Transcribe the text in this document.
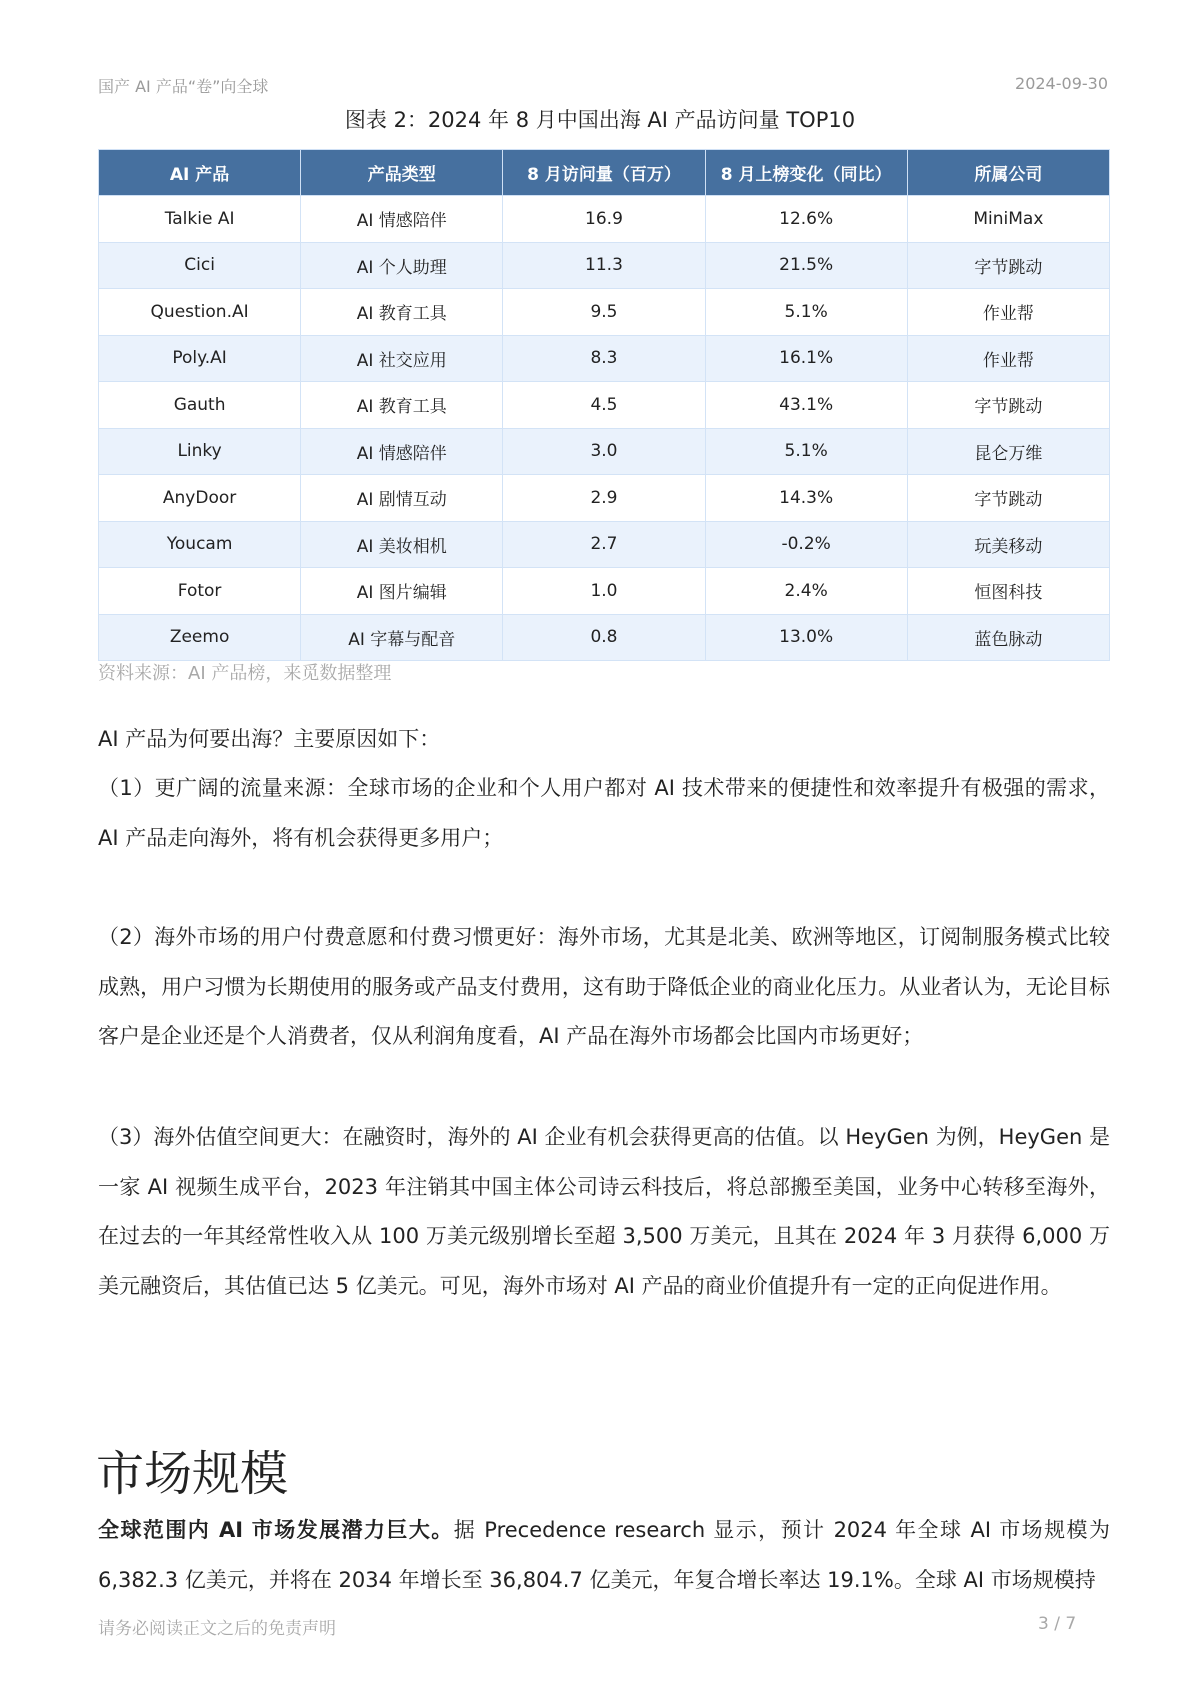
国产 AI 产品“卷”向全球	2024-09-30
图表 2：2024 年 8 月中国出海 AI 产品访问量 TOP10
AI 产品	产品类型	8 月访问量（百万）	8 月上榜变化（同比）	所属公司
Talkie AI	AI 情感陪伴	16.9	12.6%	MiniMax
Cici	AI 个人助理	11.3	21.5%	字节跳动
Question.AI	AI 教育工具	9.5	5.1%	作业帮
Poly.AI	AI 社交应用	8.3	16.1%	作业帮
Gauth	AI 教育工具	4.5	43.1%	字节跳动
Linky	AI 情感陪伴	3.0	5.1%	昆仑万维
AnyDoor	AI 剧情互动	2.9	14.3%	字节跳动
Youcam	AI 美妆相机	2.7	-0.2%	玩美移动
Fotor	AI 图片编辑	1.0	2.4%	恒图科技
Zeemo	AI 字幕与配音	0.8	13.0%	蓝色脉动
资料来源：AI 产品榜，来觅数据整理
AI 产品为何要出海？主要原因如下：
（1）更广阔的流量来源：全球市场的企业和个人用户都对 AI 技术带来的便捷性和效率提升有极强的需求，AI 产品走向海外，将有机会获得更多用户；
（2）海外市场的用户付费意愿和付费习惯更好：海外市场，尤其是北美、欧洲等地区，订阅制服务模式比较成熟，用户习惯为长期使用的服务或产品支付费用，这有助于降低企业的商业化压力。从业者认为，无论目标客户是企业还是个人消费者，仅从利润角度看，AI 产品在海外市场都会比国内市场更好；
（3）海外估值空间更大：在融资时，海外的 AI 企业有机会获得更高的估值。以 HeyGen 为例，HeyGen 是一家 AI 视频生成平台，2023 年注销其中国主体公司诗云科技后，将总部搬至美国，业务中心转移至海外，在过去的一年其经常性收入从 100 万美元级别增长至超 3,500 万美元，且其在 2024 年 3 月获得 6,000 万美元融资后，其估值已达 5 亿美元。可见，海外市场对 AI 产品的商业价值提升有一定的正向促进作用。
市场规模
全球范围内 AI 市场发展潜力巨大。据 Precedence research 显示，预计 2024 年全球 AI 市场规模为 6,382.3 亿美元，并将在 2034 年增长至 36,804.7 亿美元，年复合增长率达 19.1%。全球 AI 市场规模持
请务必阅读正文之后的免责声明	3 / 7
